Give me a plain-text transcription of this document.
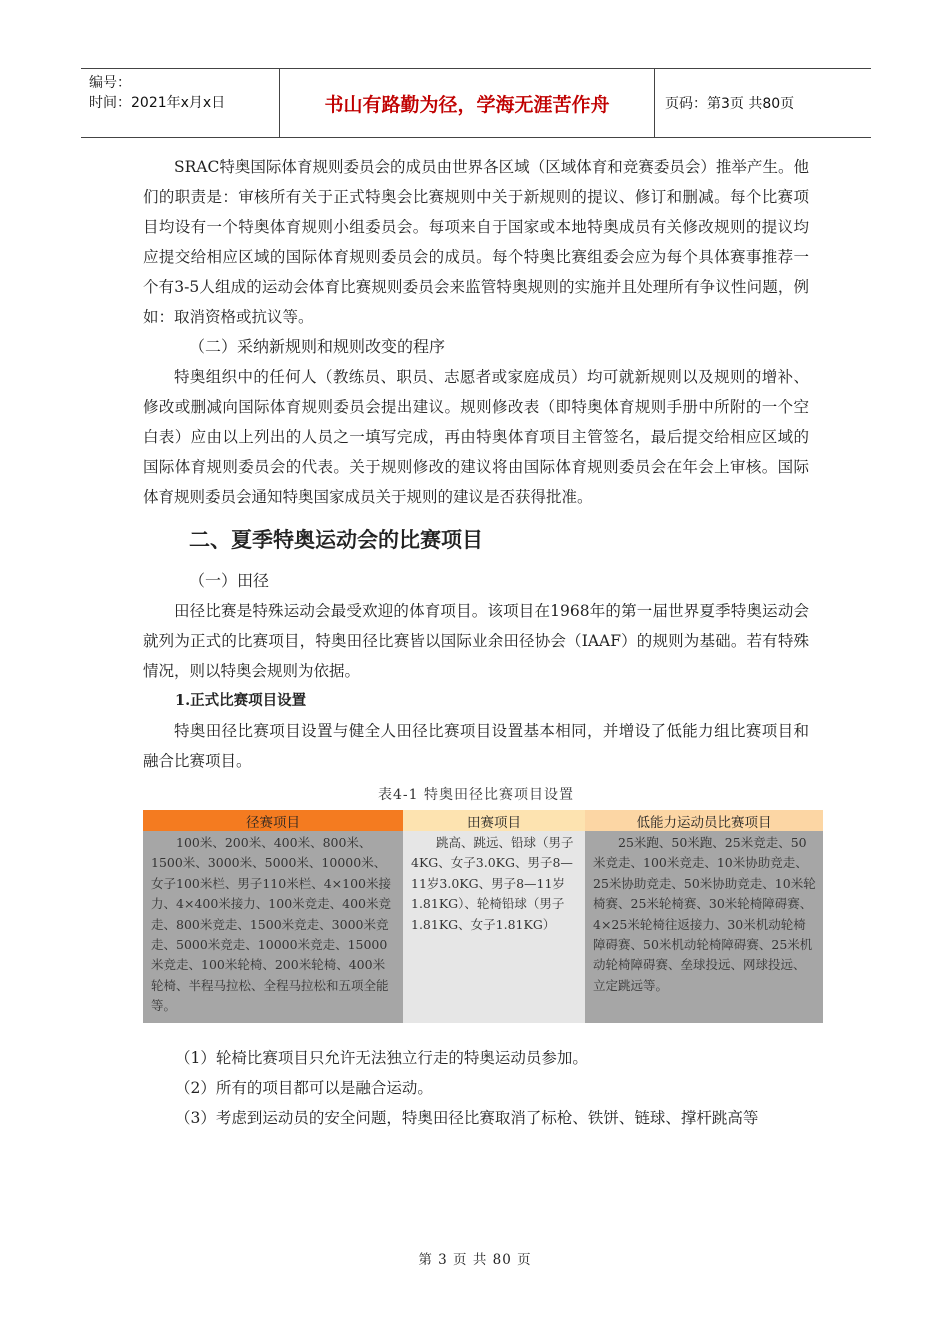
编号：
时间：2021年x月x日	书山有路勤为径，学海无涯苦作舟	页码：第3页 共80页

SRAC特奥国际体育规则委员会的成员由世界各区域（区域体育和竞赛委员会）推举产生。他们的职责是：审核所有关于正式特奥会比赛规则中关于新规则的提议、修订和删减。每个比赛项目均设有一个特奥体育规则小组委员会。每项来自于国家或本地特奥成员有关修改规则的提议均应提交给相应区域的国际体育规则委员会的成员。每个特奥比赛组委会应为每个具体赛事推荐一个有3-5人组成的运动会体育比赛规则委员会来监管特奥规则的实施并且处理所有争议性问题，例如：取消资格或抗议等。

（二）采纳新规则和规则改变的程序

特奥组织中的任何人（教练员、职员、志愿者或家庭成员）均可就新规则以及规则的增补、修改或删减向国际体育规则委员会提出建议。规则修改表（即特奥体育规则手册中所附的一个空白表）应由以上列出的人员之一填写完成，再由特奥体育项目主管签名，最后提交给相应区域的国际体育规则委员会的代表。关于规则修改的建议将由国际体育规则委员会在年会上审核。国际体育规则委员会通知特奥国家成员关于规则的建议是否获得批准。

二、夏季特奥运动会的比赛项目

（一）田径

田径比赛是特殊运动会最受欢迎的体育项目。该项目在1968年的第一届世界夏季特奥运动会就列为正式的比赛项目，特奥田径比赛皆以国际业余田径协会（IAAF）的规则为基础。若有特殊情况，则以特奥会规则为依据。

1.正式比赛项目设置

特奥田径比赛项目设置与健全人田径比赛项目设置基本相同，并增设了低能力组比赛项目和融合比赛项目。

表4-1 特奥田径比赛项目设置
径赛项目	田赛项目	低能力运动员比赛项目

100米、200米、400米、800米、1500米、3000米、5000米、10000米、女子100米栏、男子110米栏、4×100米接力、4×400米接力、100米竞走、400米竞走、800米竞走、1500米竞走、3000米竞走、5000米竞走、10000米竞走、15000米竞走、100米轮椅、200米轮椅、400米轮椅、半程马拉松、全程马拉松和五项全能等。	跳高、跳远、铅球（男子4KG、女子3.0KG、男子8—11岁3.0KG、男子8—11岁1.81KG）、轮椅铅球（男子1.81KG、女子1.81KG）	25米跑、50米跑、25米竞走、50米竞走、100米竞走、10米协助竞走、25米协助竞走、50米协助竞走、10米轮椅赛、25米轮椅赛、30米轮椅障碍赛、4×25米轮椅往返接力、30米机动轮椅障碍赛、50米机动轮椅障碍赛、25米机动轮椅障碍赛、垒球投远、网球投远、立定跳远等。

（1）轮椅比赛项目只允许无法独立行走的特奥运动员参加。

（2）所有的项目都可以是融合运动。

（3）考虑到运动员的安全问题，特奥田径比赛取消了标枪、铁饼、链球、撑杆跳高等

第 3 页 共 80 页
